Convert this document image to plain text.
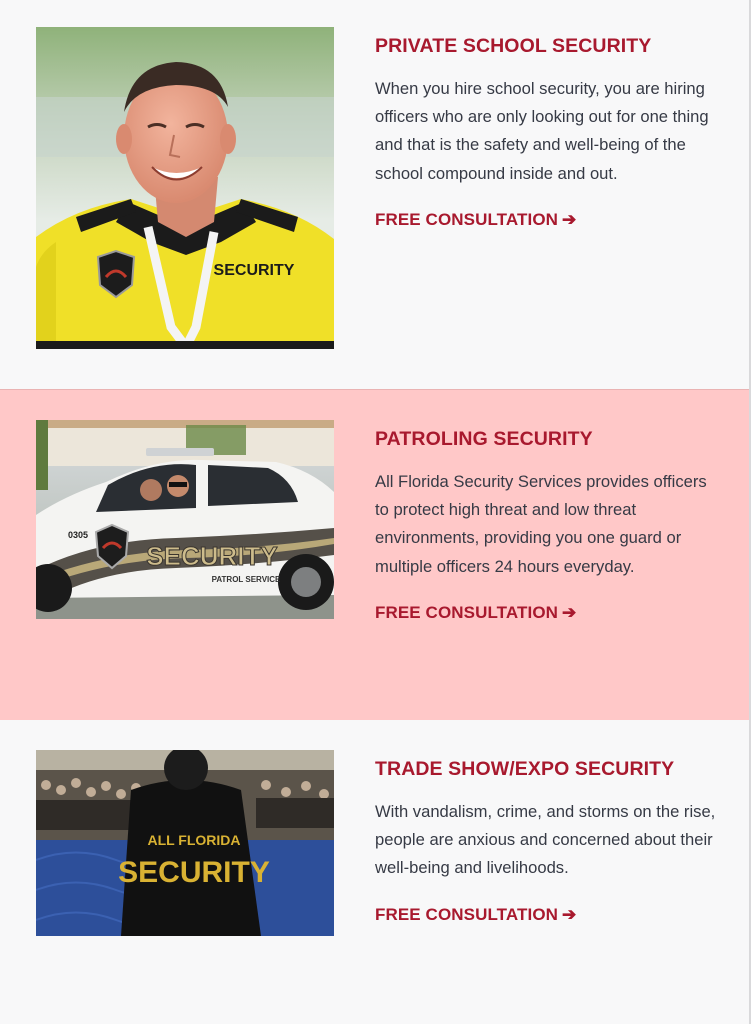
SECURITY
PRIVATE SCHOOL SECURITY

When you hire school security, you are hiring officers who are only looking out for one thing and that is the safety and well-being of the school compound inside and out.

FREE CONSULTATION ➔
0305
SECURITY
PATROL SERVICE
PATROLING SECURITY

All Florida Security Services provides officers to protect high threat and low threat environments, providing you one guard or multiple officers 24 hours everyday.

FREE CONSULTATION ➔
ALL FLORIDA
SECURITY
TRADE SHOW/EXPO SECURITY

With vandalism, crime, and storms on the rise, people are anxious and concerned about their well-being and livelihoods.

FREE CONSULTATION ➔
